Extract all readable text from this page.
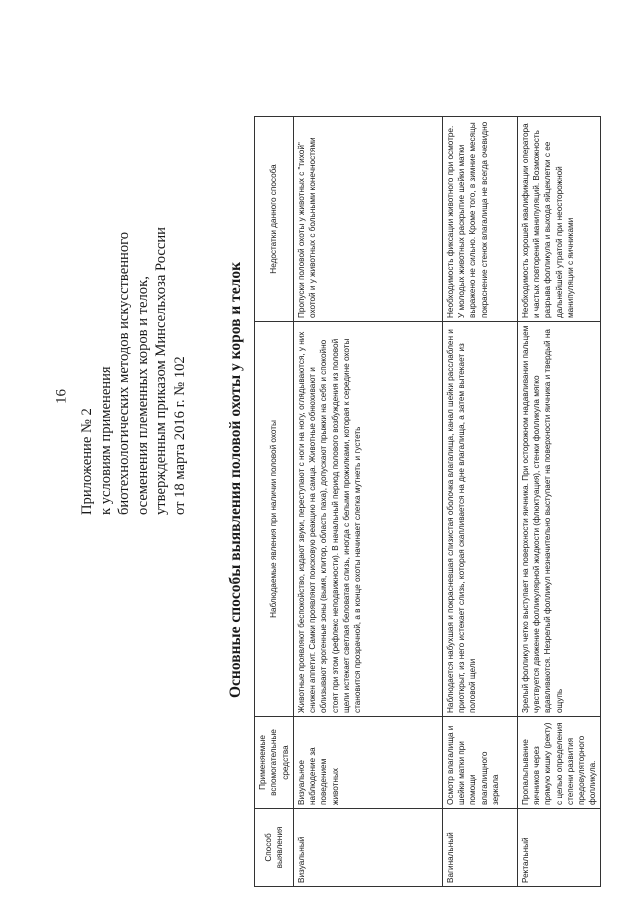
16
Приложение № 2 к условиям применения биотехнологических методов искусственного осеменения племенных коров и телок, утвержденным приказом Минсельхоза России от 18 марта 2016 г. № 102	Основные способы выявления половой охоты у коров и телок
Способ выявления	Применяемые вспомогательные средства	Наблюдаемые явления при наличии половой охоты	Недостатки данного способа
Визуальный	Визуальное наблюдение за поведением животных	Животные проявляют беспокойство, издают звуки, переступают с ноги на ногу, оглядываются, у них снижен аппетит. Самки проявляют поисковую реакцию на самца. Животные обнюхивают и облизывают эрогенные зоны (вымя, клитор, область паха), допускают прыжки на себя и спокойно стоят при этом (рефлекс неподвижности). В начальный период полового возбуждения из половой щели истекает светлая беловатая слизь, иногда с белыми прожилками, которая к середине охоты становится прозрачной, а в конце охоты начинает слегка мутнеть и густеть	Пропуски половой охоты у животных с "тихой" охотой и у животных с больными конечностями
Вагинальный	Осмотр влагалища и шейки матки при помощи влагалищного зеркала	Наблюдается набухшая и покрасневшая слизистая оболочка влагалища, канал шейки расслаблен и приоткрыт, из него истекает слизь, которая скапливается на дне влагалища, а затем вытекает из половой щели	Необходимость фиксации животного при осмотре. У молодых животных раскрытие шейки матки выражено не сильно. Кроме того, в зимние месяцы покраснение стенок влагалища не всегда очевидно
Ректальный	Пропальпывание яичников через прямую кишку (ректу) с целью определения степени развития предовуляторного фолликула.	Зрелый фолликул четко выступает на поверхности яичника. При осторожном надавливании пальцем чувствуется движение фолликулярной жидкости (флюктуация), стенки фолликула мягко вдавливаются. Незрелый фолликул незначительно выступает на поверхности яичника и твердый на ощупь	Необходимость хорошей квалификации оператора и частых повторений манипуляций. Возможность разрыва фолликула и выхода яйцеклетки с ее дальнейшей утратой при неосторожной манипуляции с яичниками
